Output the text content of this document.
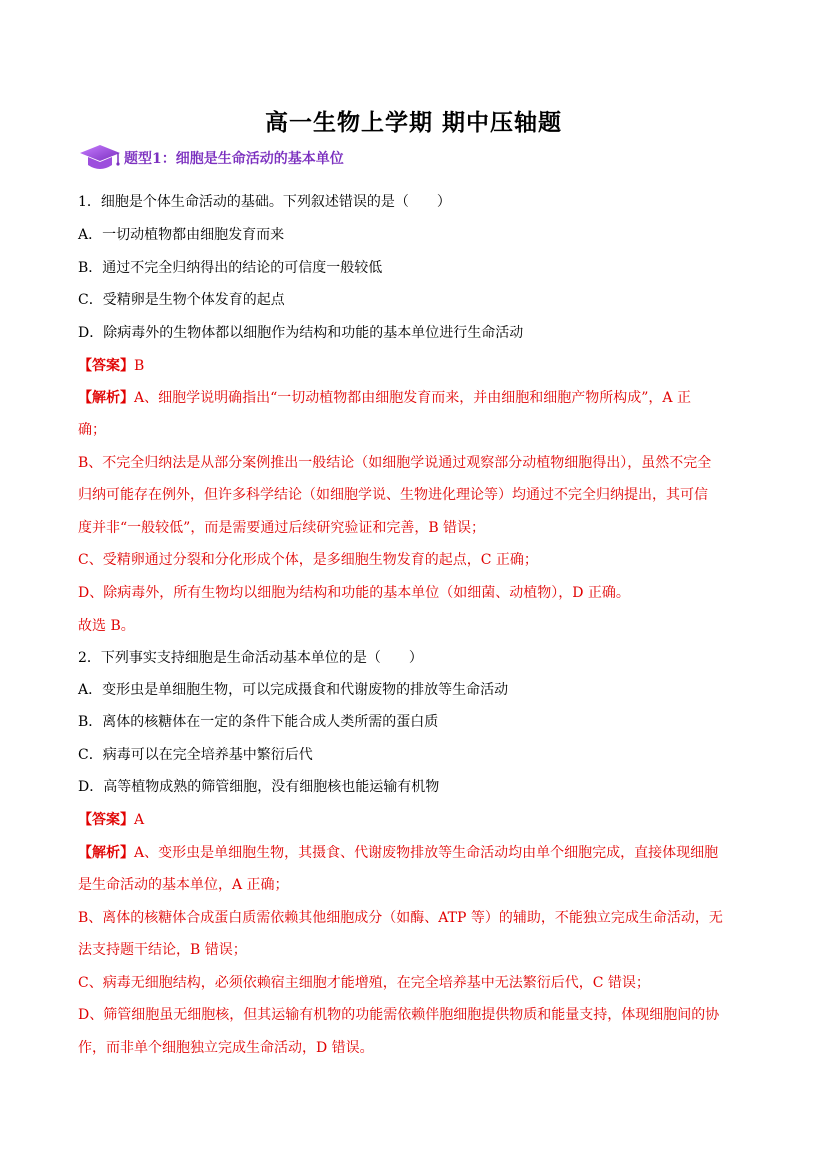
高一生物上学期 期中压轴题
题型1：细胞是生命活动的基本单位
1．细胞是个体生命活动的基础。下列叙述错误的是（　　）
A．一切动植物都由细胞发育而来
B．通过不完全归纳得出的结论的可信度一般较低
C．受精卵是生物个体发育的起点
D．除病毒外的生物体都以细胞作为结构和功能的基本单位进行生命活动
【答案】B
【解析】A、细胞学说明确指出“一切动植物都由细胞发育而来，并由细胞和细胞产物所构成”，A 正
确；
B、不完全归纳法是从部分案例推出一般结论（如细胞学说通过观察部分动植物细胞得出），虽然不完全
归纳可能存在例外，但许多科学结论（如细胞学说、生物进化理论等）均通过不完全归纳提出，其可信
度并非“一般较低”，而是需要通过后续研究验证和完善，B 错误；
C、受精卵通过分裂和分化形成个体，是多细胞生物发育的起点，C 正确；
D、除病毒外，所有生物均以细胞为结构和功能的基本单位（如细菌、动植物），D 正确。
故选 B。
2．下列事实支持细胞是生命活动基本单位的是（　　）
A．变形虫是单细胞生物，可以完成摄食和代谢废物的排放等生命活动
B．离体的核糖体在一定的条件下能合成人类所需的蛋白质
C．病毒可以在完全培养基中繁衍后代
D．高等植物成熟的筛管细胞，没有细胞核也能运输有机物
【答案】A
【解析】A、变形虫是单细胞生物，其摄食、代谢废物排放等生命活动均由单个细胞完成，直接体现细胞
是生命活动的基本单位，A 正确；
B、离体的核糖体合成蛋白质需依赖其他细胞成分（如酶、ATP 等）的辅助，不能独立完成生命活动，无
法支持题干结论，B 错误；
C、病毒无细胞结构，必须依赖宿主细胞才能增殖，在完全培养基中无法繁衍后代，C 错误；
D、筛管细胞虽无细胞核，但其运输有机物的功能需依赖伴胞细胞提供物质和能量支持，体现细胞间的协
作，而非单个细胞独立完成生命活动，D 错误。
